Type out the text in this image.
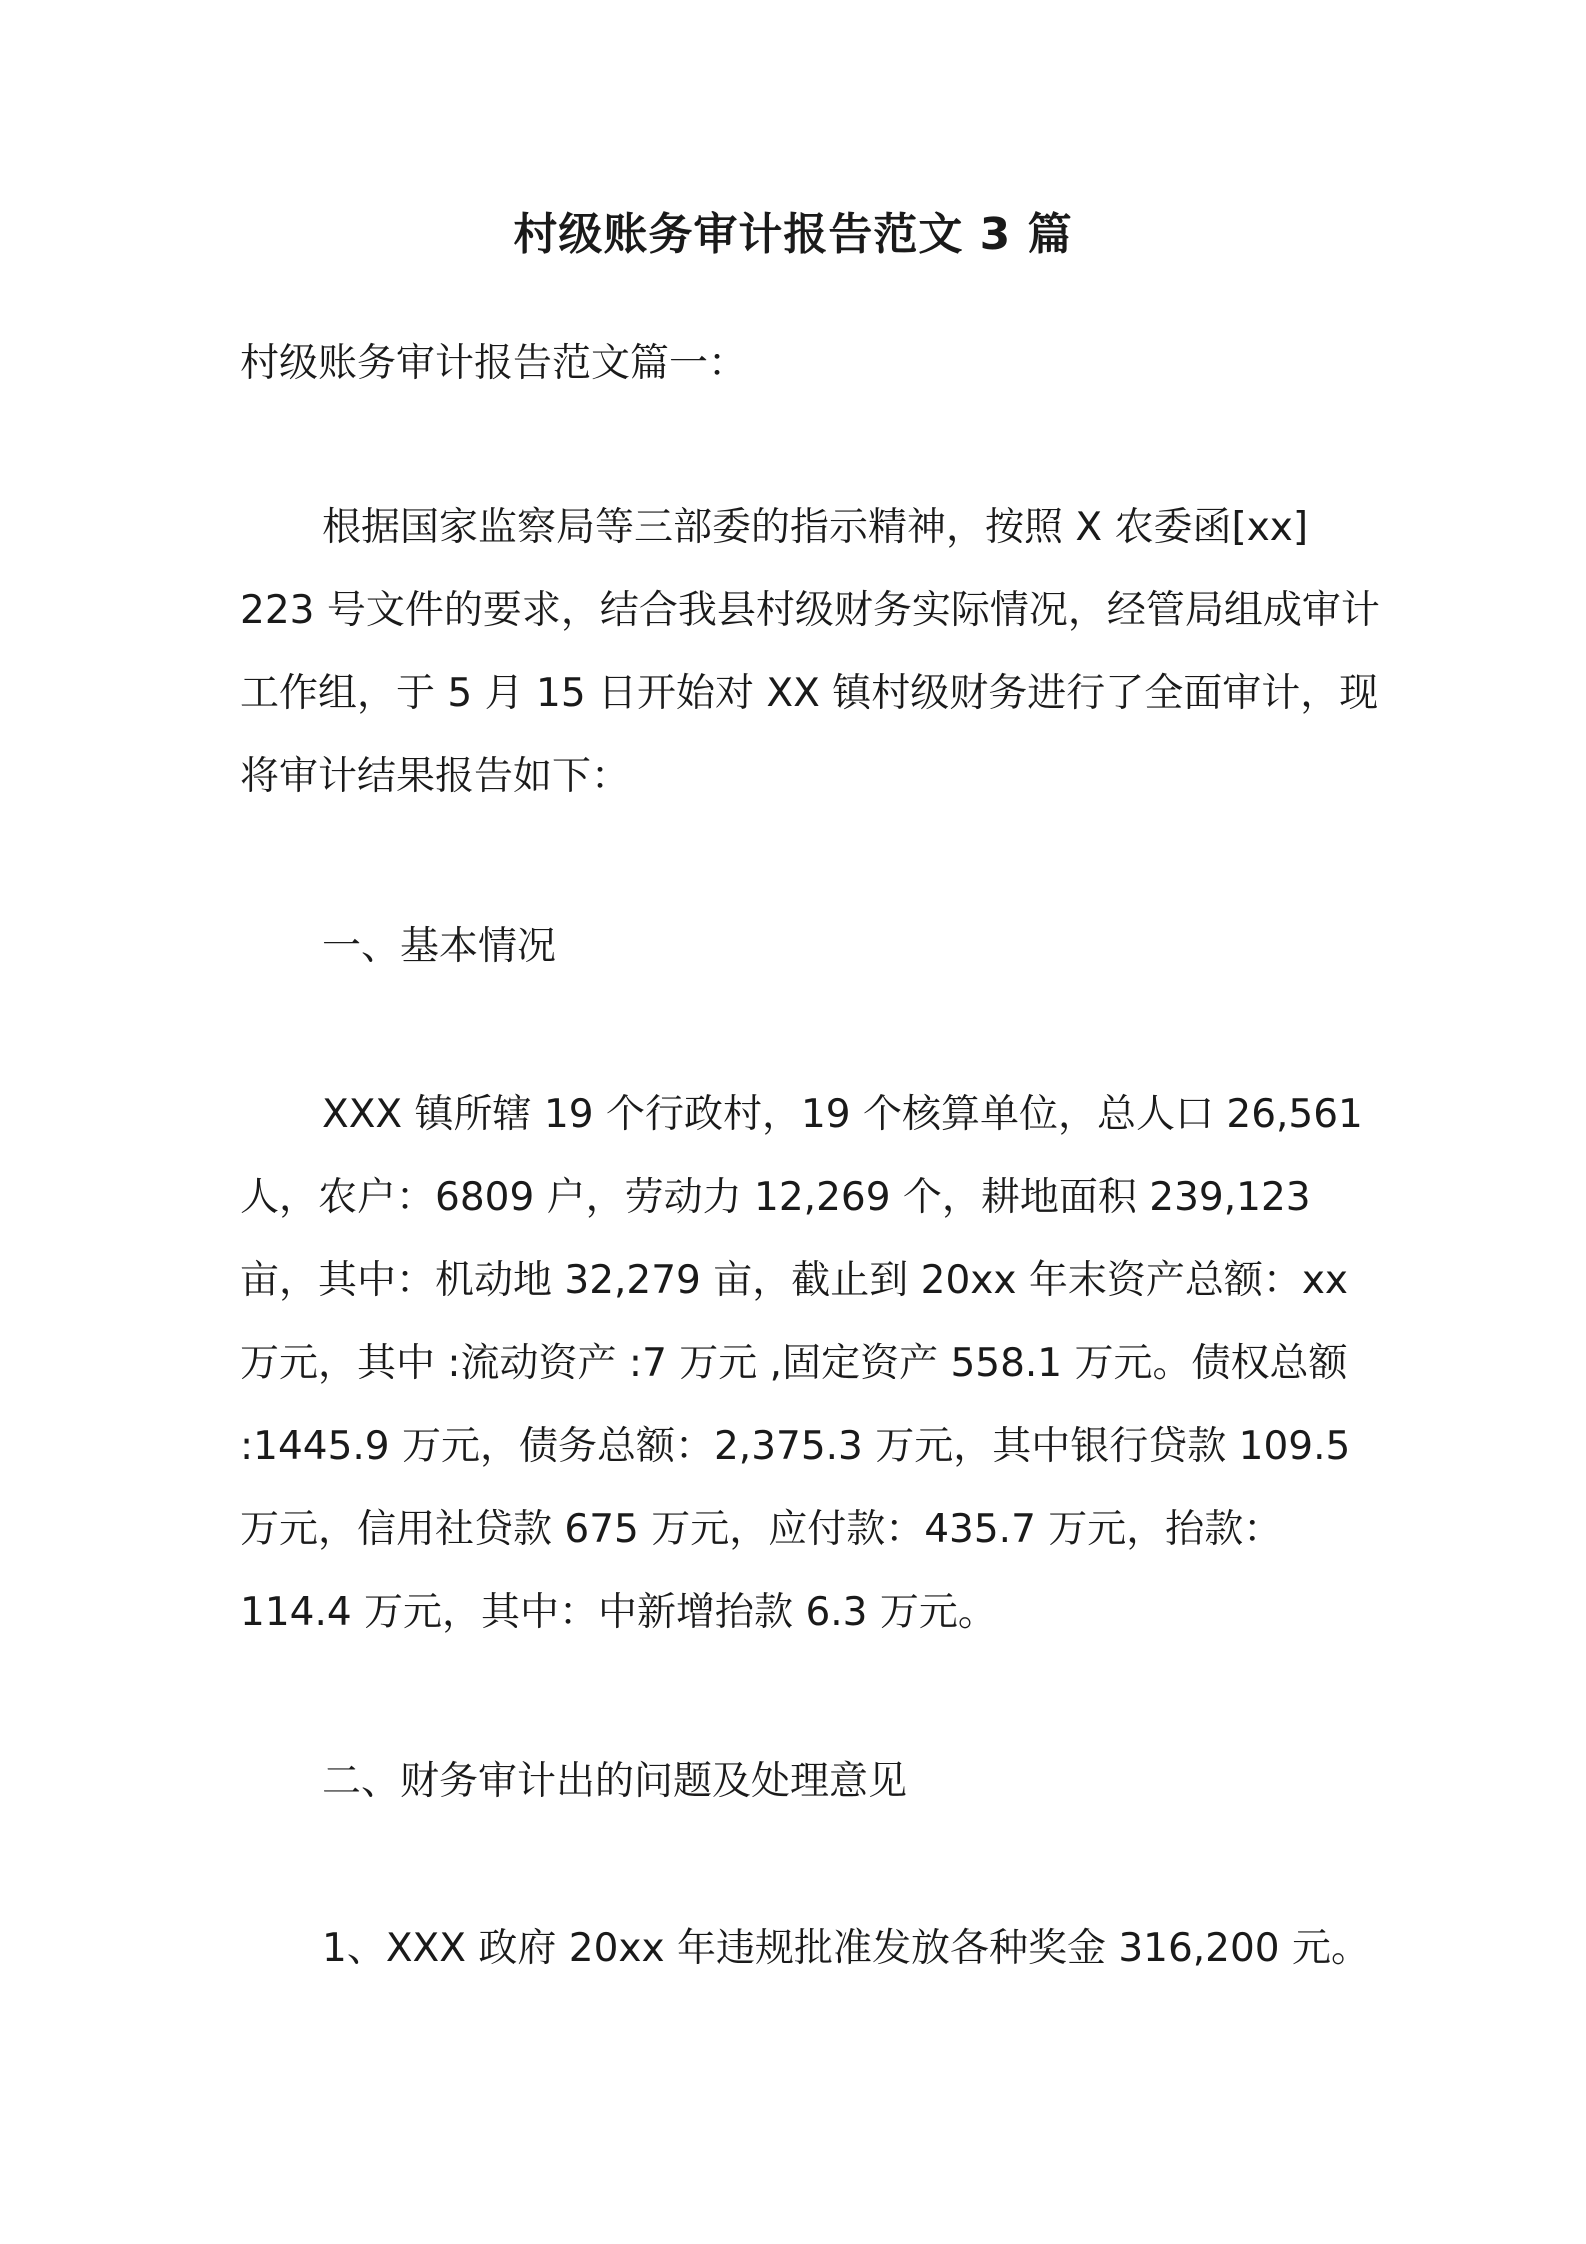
村级账务审计报告范文 3 篇

村级账务审计报告范文篇一：

根据国家监察局等三部委的指示精神，按照 X 农委函[xx] 223 号文件的要求，结合我县村级财务实际情况，经管局组成审计工作组，于 5 月 15 日开始对 XX 镇村级财务进行了全面审计，现将审计结果报告如下：

一、基本情况

XXX 镇所辖 19 个行政村，19 个核算单位，总人口 26,561 人，农户：6809 户，劳动力 12,269 个，耕地面积 239,123 亩，其中：机动地 32,279 亩，截止到 20xx 年末资产总额：xx 万元，其中 :流动资产 :7 万元 ,固定资产 558.1 万元。债权总额 :1445.9 万元，债务总额：2,375.3 万元，其中银行贷款 109.5 万元，信用社贷款 675 万元，应付款：435.7 万元，抬款：114.4 万元，其中：中新增抬款 6.3 万元。

二、财务审计出的问题及处理意见

1、XXX 政府 20xx 年违规批准发放各种奖金 316,200 元。
